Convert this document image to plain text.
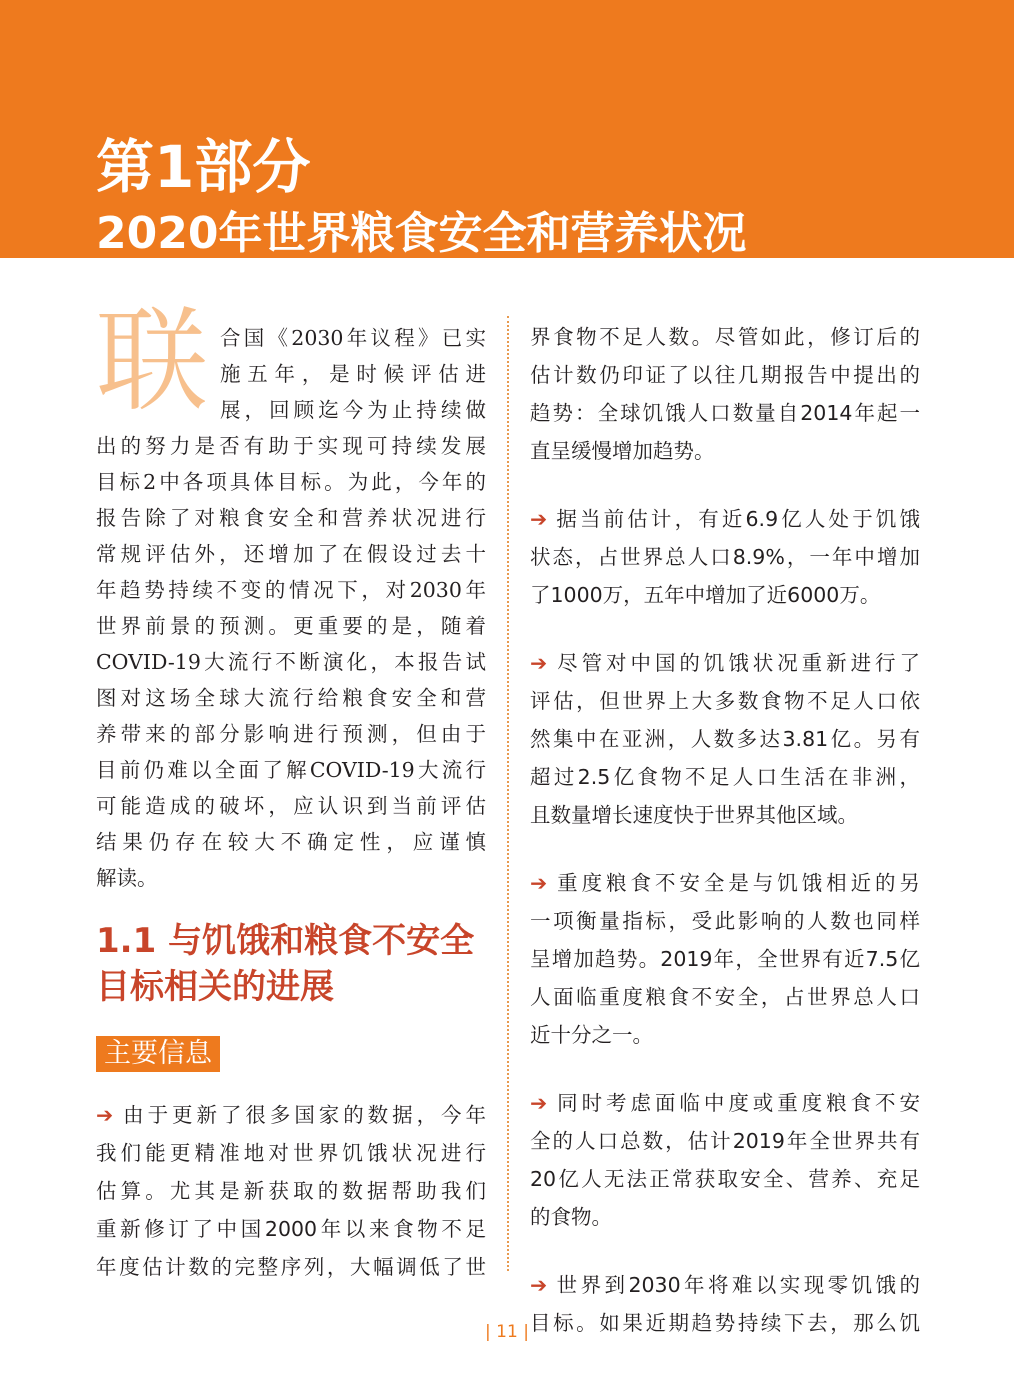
第1部分
2020年世界粮食安全和营养状况
联 合国《2030年议程》已实
施五年，是时候评估进
展，回顾迄今为止持续做
出的努力是否有助于实现可持续发展
目标2中各项具体目标。为此，今年的
报告除了对粮食安全和营养状况进行
常规评估外，还增加了在假设过去十
年趋势持续不变的情况下，对2030年
世界前景的预测。更重要的是，随着
COVID-19大流行不断演化，本报告试
图对这场全球大流行给粮食安全和营
养带来的部分影响进行预测，但由于
目前仍难以全面了解COVID-19大流行
可能造成的破坏，应认识到当前评估
结果仍存在较大不确定性，应谨慎
解读。
1.1 与饥饿和粮食不安全
目标相关的进展
主要信息
➔ 由于更新了很多国家的数据，今年
我们能更精准地对世界饥饿状况进行
估算。尤其是新获取的数据帮助我们
重新修订了中国2000年以来食物不足
年度估计数的完整序列，大幅调低了世
界食物不足人数。尽管如此，修订后的
估计数仍印证了以往几期报告中提出的
趋势：全球饥饿人口数量自2014年起一
直呈缓慢增加趋势。
➔ 据当前估计，有近6.9亿人处于饥饿
状态，占世界总人口8.9%，一年中增加
了1000万，五年中增加了近6000万。
➔ 尽管对中国的饥饿状况重新进行了
评估，但世界上大多数食物不足人口依
然集中在亚洲，人数多达3.81亿。另有
超过2.5亿食物不足人口生活在非洲，
且数量增长速度快于世界其他区域。
➔ 重度粮食不安全是与饥饿相近的另
一项衡量指标，受此影响的人数也同样
呈增加趋势。2019年，全世界有近7.5亿
人面临重度粮食不安全，占世界总人口
近十分之一。
➔ 同时考虑面临中度或重度粮食不安
全的人口总数，估计2019年全世界共有
20亿人无法正常获取安全、营养、充足
的食物。
➔ 世界到2030年将难以实现零饥饿的
目标。如果近期趋势持续下去，那么饥
| 11 |
